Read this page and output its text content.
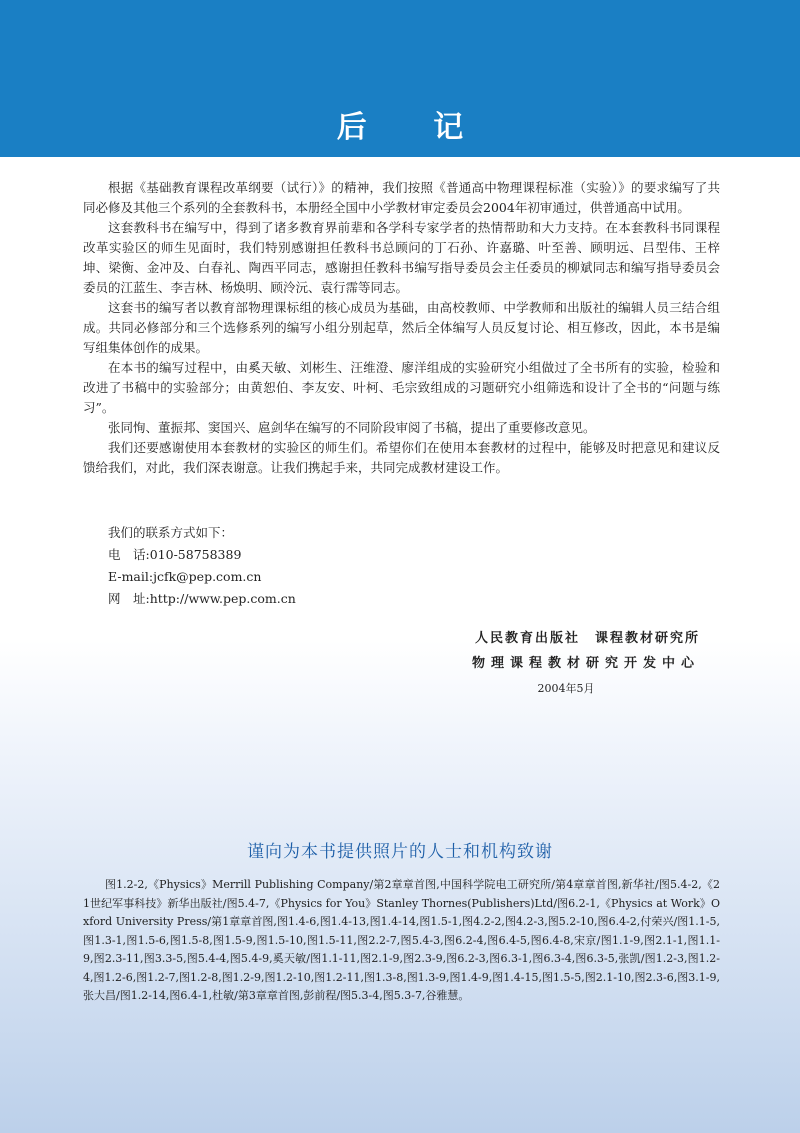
后 记

根据《基础教育课程改革纲要（试行）》的精神，我们按照《普通高中物理课程标准（实验）》的要求编写了共同必修及其他三个系列的全套教科书，本册经全国中小学教材审定委员会2004年初审通过，供普通高中试用。

这套教科书在编写中，得到了诸多教育界前辈和各学科专家学者的热情帮助和大力支持。在本套教科书同课程改革实验区的师生见面时，我们特别感谢担任教科书总顾问的丁石孙、许嘉璐、叶至善、顾明远、吕型伟、王梓坤、梁衡、金冲及、白春礼、陶西平同志，感谢担任教科书编写指导委员会主任委员的柳斌同志和编写指导委员会委员的江蓝生、李吉林、杨焕明、顾泠沅、袁行霈等同志。

这套书的编写者以教育部物理课标组的核心成员为基础，由高校教师、中学教师和出版社的编辑人员三结合组成。共同必修部分和三个选修系列的编写小组分别起草，然后全体编写人员反复讨论、相互修改，因此，本书是编写组集体创作的成果。

在本书的编写过程中，由奚天敏、刘彬生、汪维澄、廖洋组成的实验研究小组做过了全书所有的实验，检验和改进了书稿中的实验部分；由黄恕伯、李友安、叶柯、毛宗致组成的习题研究小组筛选和设计了全书的“问题与练习”。

张同恂、董振邦、窦国兴、扈剑华在编写的不同阶段审阅了书稿，提出了重要修改意见。

我们还要感谢使用本套教材的实验区的师生们。希望你们在使用本套教材的过程中，能够及时把意见和建议反馈给我们，对此，我们深表谢意。让我们携起手来，共同完成教材建设工作。

我们的联系方式如下：
电　话:010-58758389
E-mail:jcfk@pep.com.cn
网　址:http://www.pep.com.cn
人民教育出版社　课程教材研究所
物理课程教材研究开发中心
2004年5月
谨向为本书提供照片的人士和机构致谢
图1.2-2,《Physics》Merrill Publishing Company/第2章章首图,中国科学院电工研究所/第4章章首图,新华社/图5.4-2,《21世纪军事科技》新华出版社/图5.4-7,《Physics for You》Stanley Thornes(Publishers)Ltd/图6.2-1,《Physics at Work》Oxford University Press/第1章章首图,图1.4-6,图1.4-13,图1.4-14,图1.5-1,图4.2-2,图4.2-3,图5.2-10,图6.4-2,付荣兴/图1.1-5,图1.3-1,图1.5-6,图1.5-8,图1.5-9,图1.5-10,图1.5-11,图2.2-7,图5.4-3,图6.2-4,图6.4-5,图6.4-8,宋京/图1.1-9,图2.1-1,图1.1-9,图2.3-11,图3.3-5,图5.4-4,图5.4-9,奚天敏/图1.1-11,图2.1-9,图2.3-9,图6.2-3,图6.3-1,图6.3-4,图6.3-5,张凯/图1.2-3,图1.2-4,图1.2-6,图1.2-7,图1.2-8,图1.2-9,图1.2-10,图1.2-11,图1.3-8,图1.3-9,图1.4-9,图1.4-15,图1.5-5,图2.1-10,图2.3-6,图3.1-9,张大昌/图1.2-14,图6.4-1,杜敏/第3章章首图,彭前程/图5.3-4,图5.3-7,谷雅慧。
